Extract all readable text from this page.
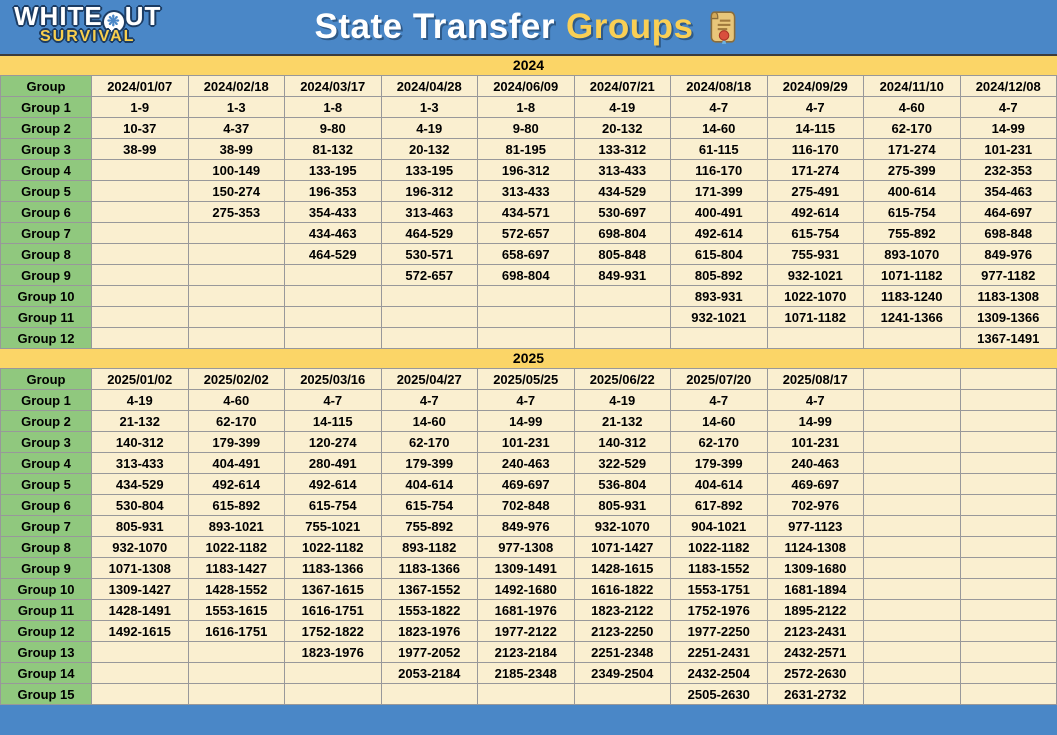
WHITE ❋ UT
SURVIVAL	State Transfer Groups
2024
Group	2024/01/07	2024/02/18	2024/03/17	2024/04/28	2024/06/09	2024/07/21	2024/08/18	2024/09/29	2024/11/10	2024/12/08
Group 1	1-9	1-3	1-8	1-3	1-8	4-19	4-7	4-7	4-60	4-7
Group 2	10-37	4-37	9-80	4-19	9-80	20-132	14-60	14-115	62-170	14-99
Group 3	38-99	38-99	81-132	20-132	81-195	133-312	61-115	116-170	171-274	101-231
Group 4		100-149	133-195	133-195	196-312	313-433	116-170	171-274	275-399	232-353
Group 5		150-274	196-353	196-312	313-433	434-529	171-399	275-491	400-614	354-463
Group 6		275-353	354-433	313-463	434-571	530-697	400-491	492-614	615-754	464-697
Group 7			434-463	464-529	572-657	698-804	492-614	615-754	755-892	698-848
Group 8			464-529	530-571	658-697	805-848	615-804	755-931	893-1070	849-976
Group 9				572-657	698-804	849-931	805-892	932-1021	1071-1182	977-1182
Group 10							893-931	1022-1070	1183-1240	1183-1308
Group 11							932-1021	1071-1182	1241-1366	1309-1366
Group 12										1367-1491
2025
Group	2025/01/02	2025/02/02	2025/03/16	2025/04/27	2025/05/25	2025/06/22	2025/07/20	2025/08/17		
Group 1	4-19	4-60	4-7	4-7	4-7	4-19	4-7	4-7		
Group 2	21-132	62-170	14-115	14-60	14-99	21-132	14-60	14-99		
Group 3	140-312	179-399	120-274	62-170	101-231	140-312	62-170	101-231		
Group 4	313-433	404-491	280-491	179-399	240-463	322-529	179-399	240-463		
Group 5	434-529	492-614	492-614	404-614	469-697	536-804	404-614	469-697		
Group 6	530-804	615-892	615-754	615-754	702-848	805-931	617-892	702-976		
Group 7	805-931	893-1021	755-1021	755-892	849-976	932-1070	904-1021	977-1123		
Group 8	932-1070	1022-1182	1022-1182	893-1182	977-1308	1071-1427	1022-1182	1124-1308		
Group 9	1071-1308	1183-1427	1183-1366	1183-1366	1309-1491	1428-1615	1183-1552	1309-1680		
Group 10	1309-1427	1428-1552	1367-1615	1367-1552	1492-1680	1616-1822	1553-1751	1681-1894		
Group 11	1428-1491	1553-1615	1616-1751	1553-1822	1681-1976	1823-2122	1752-1976	1895-2122		
Group 12	1492-1615	1616-1751	1752-1822	1823-1976	1977-2122	2123-2250	1977-2250	2123-2431		
Group 13			1823-1976	1977-2052	2123-2184	2251-2348	2251-2431	2432-2571		
Group 14				2053-2184	2185-2348	2349-2504	2432-2504	2572-2630		
Group 15							2505-2630	2631-2732		
